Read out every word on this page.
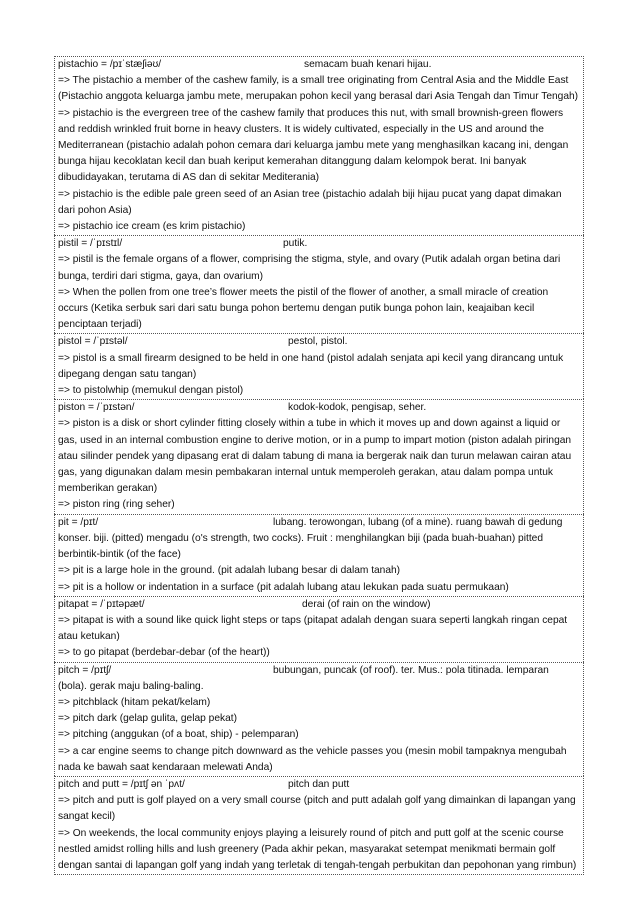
pistachio = /pɪˈstæʃiəʊ/	semacam buah kenari hijau.

=> The pistachio a member of the cashew family, is a small tree originating from Central Asia and the Middle East (Pistachio anggota keluarga jambu mete, merupakan pohon kecil yang berasal dari Asia Tengah dan Timur Tengah)

=> pistachio is the evergreen tree of the cashew family that produces this nut, with small brownish-green flowers and reddish wrinkled fruit borne in heavy clusters. It is widely cultivated, especially in the US and around the Mediterranean (pistachio adalah pohon cemara dari keluarga jambu mete yang menghasilkan kacang ini, dengan bunga hijau kecoklatan kecil dan buah keriput kemerahan ditanggung dalam kelompok berat. Ini banyak dibudidayakan, terutama di AS dan di sekitar Mediterania)

=> pistachio is the edible pale green seed of an Asian tree (pistachio adalah biji hijau pucat yang dapat dimakan dari pohon Asia)

=> pistachio ice cream (es krim pistachio)

pistil = /ˈpɪstɪl/	putik.

=> pistil is the female organs of a flower, comprising the stigma, style, and ovary (Putik adalah organ betina dari bunga, terdiri dari stigma, gaya, dan ovarium)

=> When the pollen from one tree’s flower meets the pistil of the flower of another, a small miracle of creation occurs (Ketika serbuk sari dari satu bunga pohon bertemu dengan putik bunga pohon lain, keajaiban kecil penciptaan terjadi)

pistol = /ˈpɪstəl/	pestol, pistol.

=> pistol is a small firearm designed to be held in one hand (pistol adalah senjata api kecil yang dirancang untuk dipegang dengan satu tangan)

=> to pistolwhip (memukul dengan pistol)

piston = /ˈpɪstən/	kodok-kodok, pengisap, seher.

=> piston is a disk or short cylinder fitting closely within a tube in which it moves up and down against a liquid or gas, used in an internal combustion engine to derive motion, or in a pump to impart motion (piston adalah piringan atau silinder pendek yang dipasang erat di dalam tabung di mana ia bergerak naik dan turun melawan cairan atau gas, yang digunakan dalam mesin pembakaran internal untuk memperoleh gerakan, atau dalam pompa untuk memberikan gerakan)

=> piston ring (ring seher)

pit = /pɪt/	lubang. terowongan, lubang (of a mine). ruang bawah di gedung

konser. biji. (pitted) mengadu (o's strength, two cocks). Fruit : menghilangkan biji (pada buah-buahan) pitted berbintik-bintik (of the face)

=> pit is a large hole in the ground. (pit adalah lubang besar di dalam tanah)

=> pit is a hollow or indentation in a surface (pit adalah lubang atau lekukan pada suatu permukaan)

pitapat = /ˈpɪtəpæt/	derai (of rain on the window)

=> pitapat is with a sound like quick light steps or taps (pitapat adalah dengan suara seperti langkah ringan cepat atau ketukan)

=> to go pitapat (berdebar-debar (of the heart))

pitch = /pɪtʃ/	bubungan, puncak (of roof). ter. Mus.: pola titinada. lemparan

(bola). gerak maju baling-baling.

=> pitchblack (hitam pekat/kelam)

=> pitch dark (gelap gulita, gelap pekat)

=> pitching (anggukan (of a boat, ship) - pelemparan)

=> a car engine seems to change pitch downward as the vehicle passes you (mesin mobil tampaknya mengubah nada ke bawah saat kendaraan melewati Anda)

pitch and putt = /pɪtʃ ən ˈpʌt/	pitch dan putt

=> pitch and putt is golf played on a very small course (pitch and putt adalah golf yang dimainkan di lapangan yang sangat kecil)

=> On weekends, the local community enjoys playing a leisurely round of pitch and putt golf at the scenic course nestled amidst rolling hills and lush greenery (Pada akhir pekan, masyarakat setempat menikmati bermain golf dengan santai di lapangan golf yang indah yang terletak di tengah-tengah perbukitan dan pepohonan yang rimbun)
